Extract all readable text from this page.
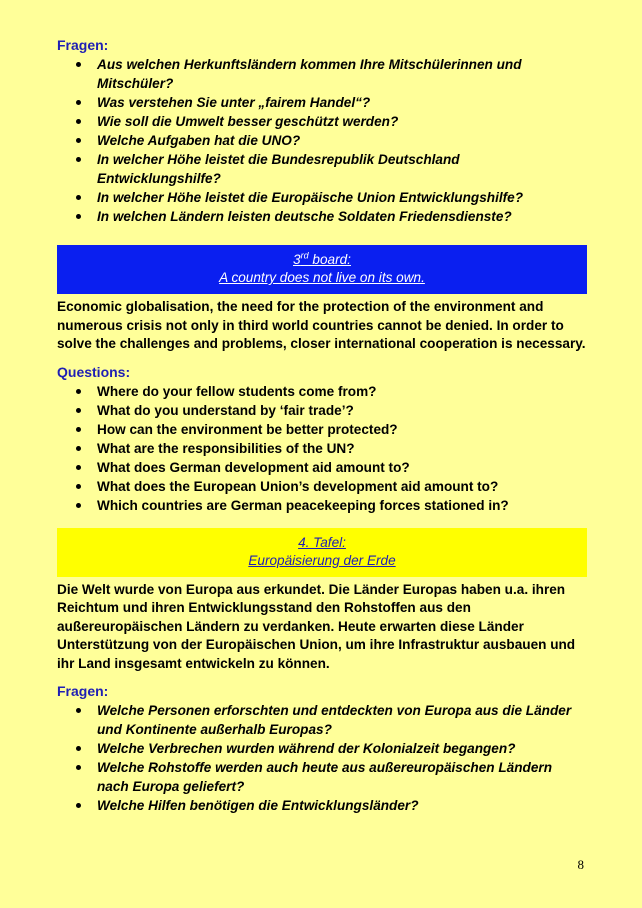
Fragen:

Aus welchen Herkunftsländern kommen Ihre Mitschülerinnen und Mitschüler?
Was verstehen Sie unter „fairem Handel“?
Wie soll die Umwelt besser geschützt werden?
Welche Aufgaben hat die UNO?
In welcher Höhe leistet die Bundesrepublik Deutschland Entwicklungshilfe?
In welcher Höhe leistet die Europäische Union Entwicklungshilfe?
In welchen Ländern leisten deutsche Soldaten Friedensdienste?
3rd board:
A country does not live on its own.

Economic globalisation, the need for the protection of the environment and numerous crisis not only in third world countries cannot be denied. In order to solve the challenges and problems, closer international cooperation is necessary.

Questions:

Where do your fellow students come from?
What do you understand by ‘fair trade’?
How can the environment be better protected?
What are the responsibilities of the UN?
What does German development aid amount to?
What does the European Union’s development aid amount to?
Which countries are German peacekeeping forces stationed in?
4. Tafel:
Europäisierung der Erde

Die Welt wurde von Europa aus erkundet. Die Länder Europas haben u.a. ihren Reichtum und ihren Entwicklungsstand den Rohstoffen aus den außereuropäischen Ländern zu verdanken. Heute erwarten diese Länder Unterstützung von der Europäischen Union, um ihre Infrastruktur ausbauen und ihr Land insgesamt entwickeln zu können.

Fragen:

Welche Personen erforschten und entdeckten von Europa aus die Länder und Kontinente außerhalb Europas?
Welche Verbrechen wurden während der Kolonialzeit begangen?
Welche Rohstoffe werden auch heute aus außereuropäischen Ländern nach Europa geliefert?
Welche Hilfen benötigen die Entwicklungsländer?
8
